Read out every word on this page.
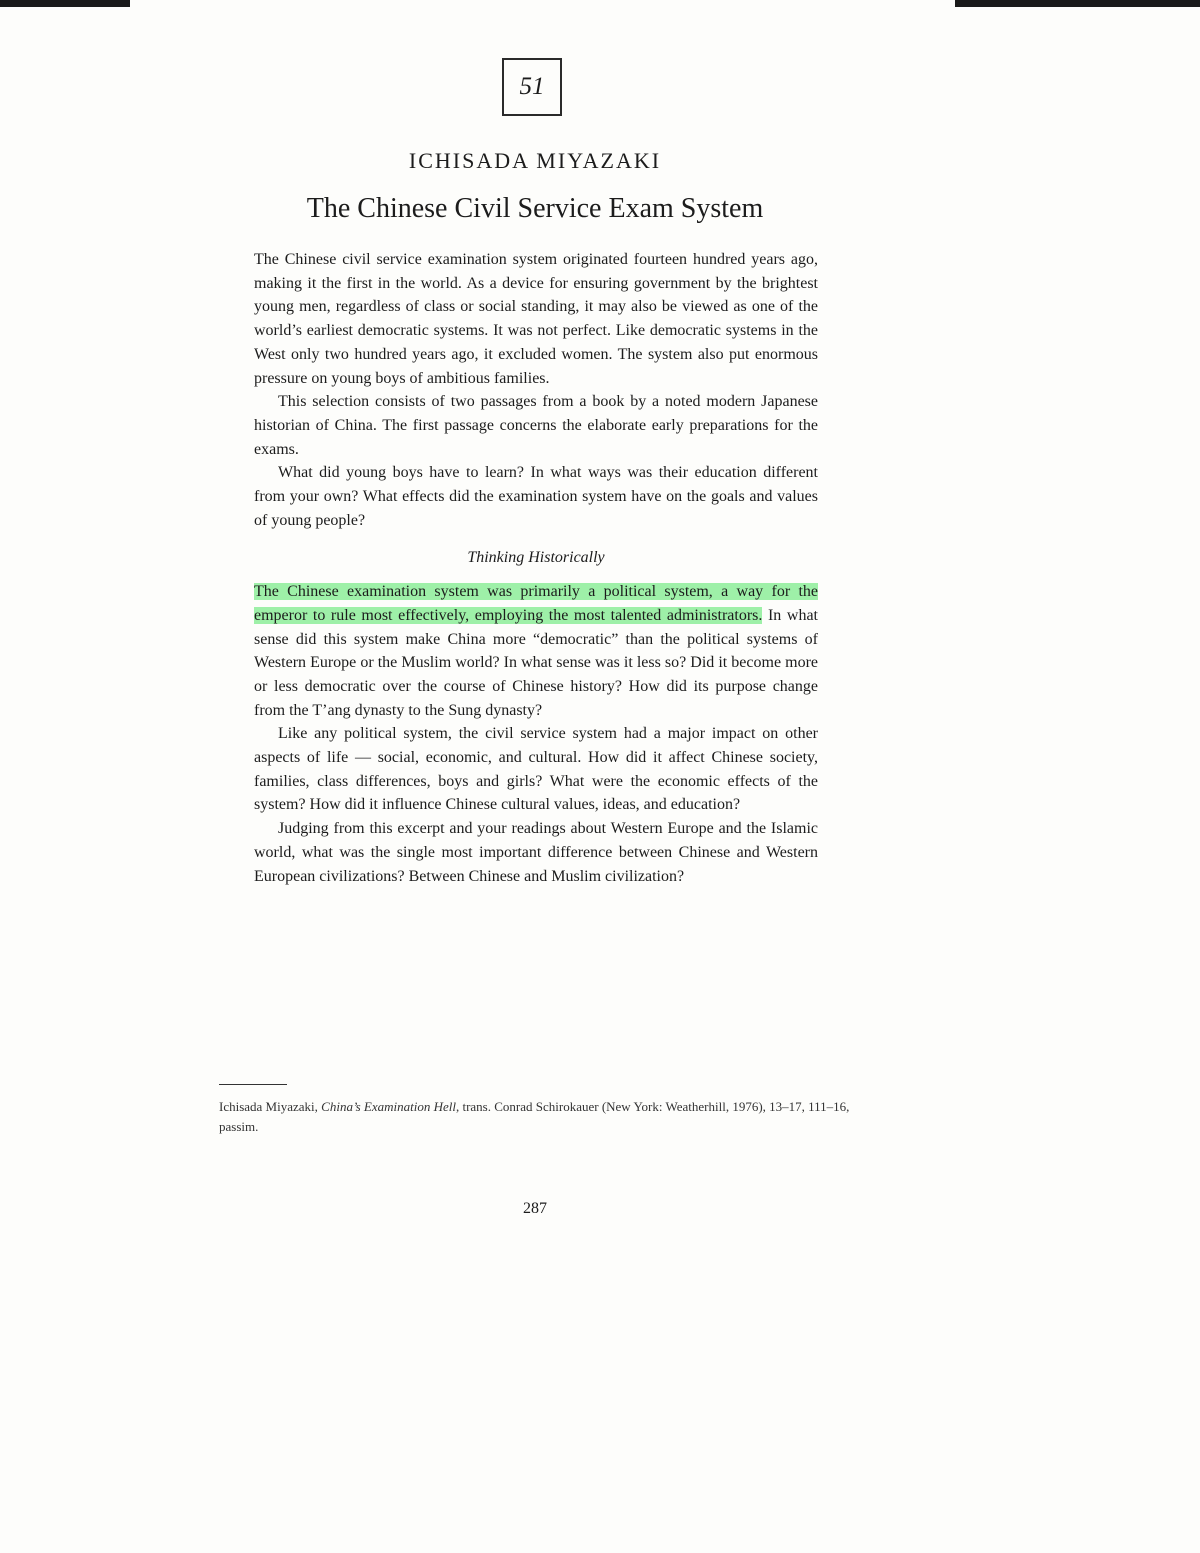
51
ICHISADA MIYAZAKI
The Chinese Civil Service Exam System

The Chinese civil service examination system originated fourteen hundred years ago, making it the first in the world. As a device for ensuring government by the brightest young men, regardless of class or social standing, it may also be viewed as one of the world’s earliest democratic systems. It was not perfect. Like democratic systems in the West only two hundred years ago, it excluded women. The system also put enormous pressure on young boys of ambitious families.

This selection consists of two passages from a book by a noted modern Japanese historian of China. The first passage concerns the elaborate early preparations for the exams.

What did young boys have to learn? In what ways was their education different from your own? What effects did the examination system have on the goals and values of young people?

Thinking Historically

The Chinese examination system was primarily a political system, a way for the emperor to rule most effectively, employing the most talented administrators. In what sense did this system make China more “democratic” than the political systems of Western Europe or the Muslim world? In what sense was it less so? Did it become more or less democratic over the course of Chinese history? How did its purpose change from the T’ang dynasty to the Sung dynasty?

Like any political system, the civil service system had a major impact on other aspects of life — social, economic, and cultural. How did it affect Chinese society, families, class differences, boys and girls? What were the economic effects of the system? How did it influence Chinese cultural values, ideas, and education?

Judging from this excerpt and your readings about Western Europe and the Islamic world, what was the single most important difference between Chinese and Western European civilizations? Between Chinese and Muslim civilization?

Ichisada Miyazaki, China’s Examination Hell, trans. Conrad Schirokauer (New York: Weatherhill, 1976), 13–17, 111–16, passim.
287
